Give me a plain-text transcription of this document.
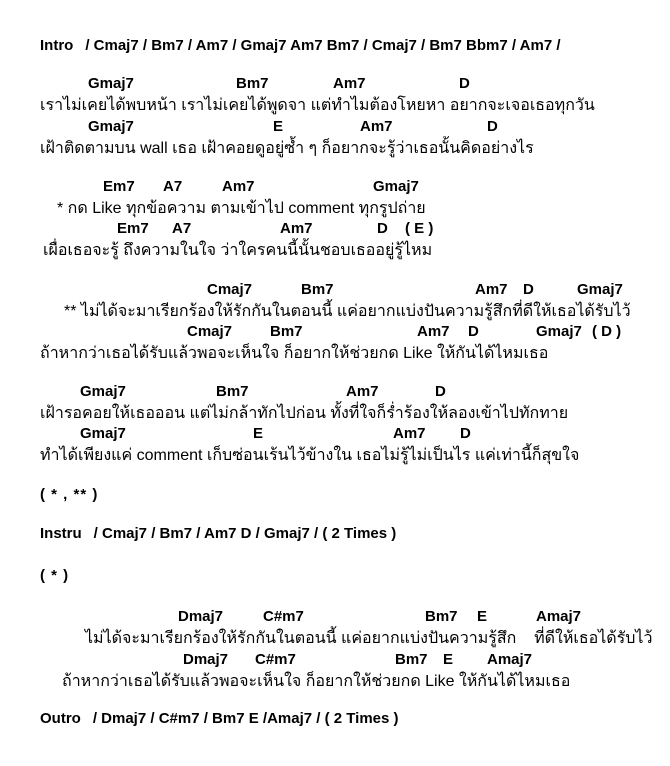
Intro / Cmaj7 / Bm7 / Am7 / Gmaj7 Am7 Bm7 / Cmaj7 / Bm7 Bbm7 / Am7 /

Gmaj7

	Bm7

	Am7

	D

เราไม่เคยได้พบหน้า เราไม่เคยได้พูดจา แต่ทำไมต้องโหยหา อยากจะเจอเธอทุกวัน

Gmaj7

	E

	Am7

	D

เฝ้าติดตามบน wall เธอ เฝ้าคอยดูอยู่ซ้ำ ๆ ก็อยากจะรู้ว่าเธอนั้นคิดอย่างไร

Em7

A7

	Am7

	Gmaj7

* กด Like ทุกข้อความ ตามเข้าไป comment ทุกรูปถ่าย

Em7

A7

	Am7

	D

( E )

เผื่อเธอจะรู้ ถึงความในใจ ว่าใครคนนี้นั้นชอบเธออยู่รู้ไหม

Cmaj7

	Bm7

	Am7

D

	Gmaj7

** ไม่ได้จะมาเรียกร้องให้รักกันในตอนนี้ แค่อยากแบ่งปันความรู้สึกที่ดีให้เธอได้รับไว้

Cmaj7

	Bm7

	Am7

D

	Gmaj7

( D )

ถ้าหากว่าเธอได้รับแล้วพอจะเห็นใจ ก็อยากให้ช่วยกด Like ให้กันได้ไหมเธอ

Gmaj7

	Bm7

	Am7

	D

เฝ้ารอคอยให้เธอออน แต่ไม่กล้าทักไปก่อน ทั้งที่ใจก็ร่ำร้องให้ลองเข้าไปทักทาย

Gmaj7

	E

	Am7

D

ทำได้เพียงแค่ comment เก็บซ่อนเร้นไว้ข้างใน เธอไม่รู้ไม่เป็นไร แค่เท่านี้ก็สุขใจ
( * , ** )
Instru / Cmaj7 / Bm7 / Am7 D / Gmaj7 / ( 2 Times )
( * )

Dmaj7

	C#m7

	Bm7

E

	Amaj7

ไม่ได้จะมาเรียกร้องให้รักกันในตอนนี้ แค่อยากแบ่งปันความรู้สึก    ที่ดีให้เธอได้รับไว้

Dmaj7

C#m7

	Bm7

E

Amaj7

ถ้าหากว่าเธอได้รับแล้วพอจะเห็นใจ ก็อยากให้ช่วยกด Like ให้กันได้ไหมเธอ
Outro / Dmaj7 / C#m7 / Bm7 E /Amaj7 / ( 2 Times )
